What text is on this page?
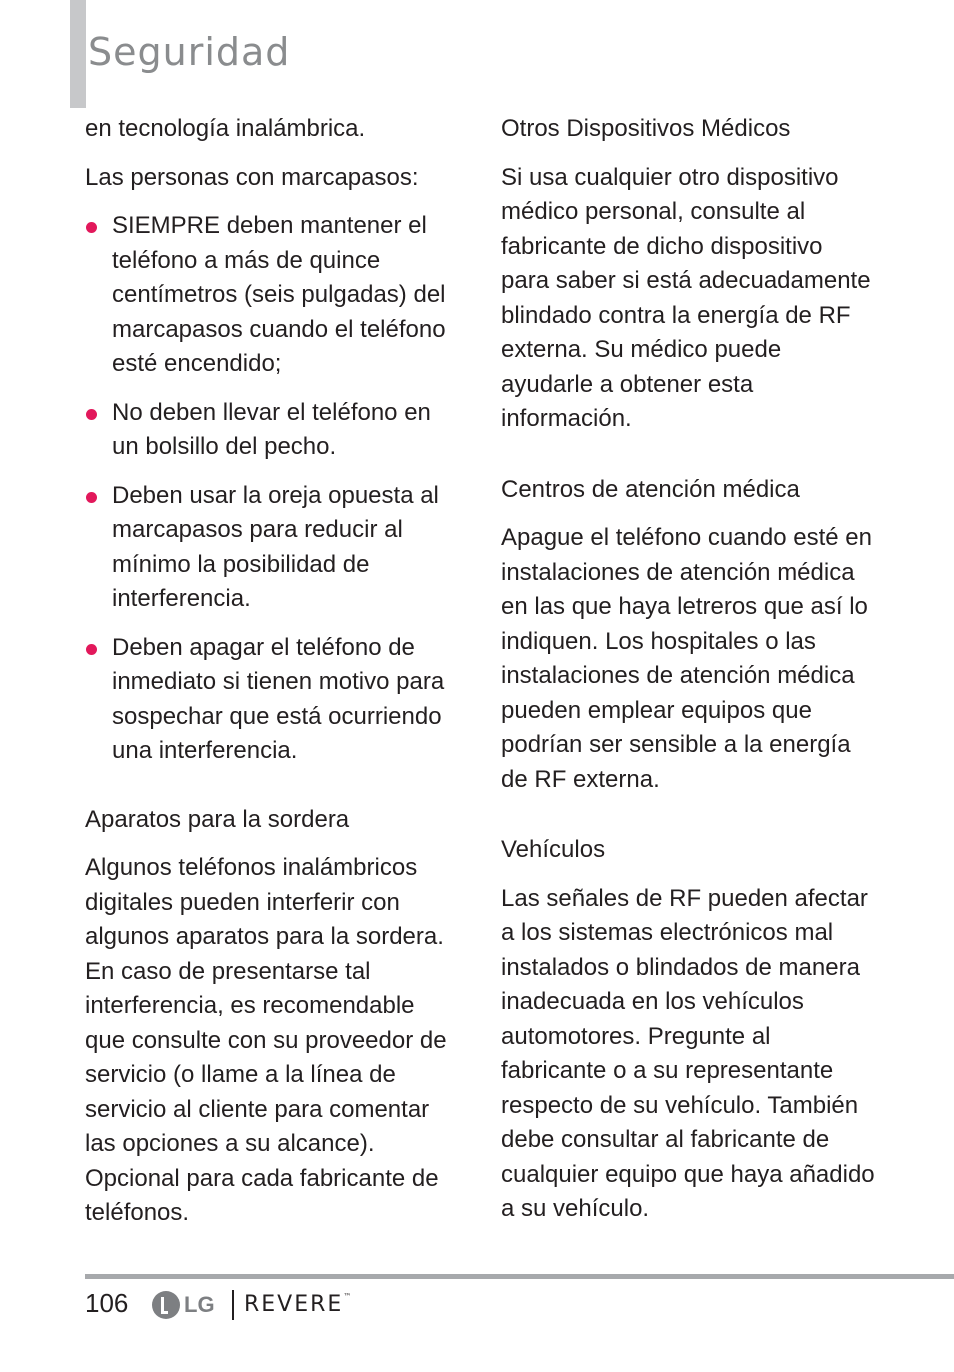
Seguridad

en tecnología inalámbrica.

Las personas con marcapasos:

SIEMPRE deben mantener el teléfono a más de quince centímetros (seis pulgadas) del marcapasos cuando el teléfono esté encendido;
No deben llevar el teléfono en un bolsillo del pecho.
Deben usar la oreja opuesta al marcapasos para reducir al mínimo la posibilidad de interferencia.
Deben apagar el teléfono de inmediato si tienen motivo para sospechar que está ocurriendo una interferencia.
Aparatos para la sordera

Algunos teléfonos inalámbricos digitales pueden interferir con algunos aparatos para la sordera. En caso de presentarse tal interferencia, es recomendable que consulte con su proveedor de servicio (o llame a la línea de servicio al cliente para comentar las opciones a su alcance). Opcional para cada fabricante de teléfonos.

Otros Dispositivos Médicos

Si usa cualquier otro dispositivo médico personal, consulte al fabricante de dicho dispositivo para saber si está adecuadamente blindado contra la energía de RF externa. Su médico puede ayudarle a obtener esta información.

Centros de atención médica

Apague el teléfono cuando esté en instalaciones de atención médica en las que haya letreros que así lo indiquen. Los hospitales o las instalaciones de atención médica pueden emplear equipos que podrían ser sensible a la energía de RF externa.

Vehículos

Las señales de RF pueden afectar a los sistemas electrónicos mal instalados o blindados de manera inadecuada en los vehículos automotores. Pregunte al fabricante o a su representante respecto de su vehículo. También debe consultar al fabricante de cualquier equipo que haya añadido a su vehículo.

106	LG REVERE™
